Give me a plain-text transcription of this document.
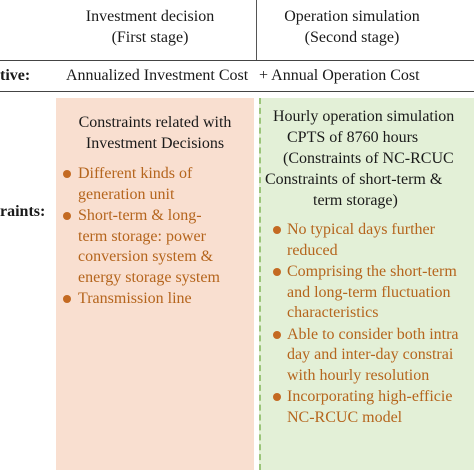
Investment decision
(First stage)
Operation simulation
(Second stage)
tive: Annualized Investment Cost + Annual Operation Cost
raints:
Constraints related with
Investment Decisions
Different kinds of
generation unit
Short-term & long-
term storage: power
conversion system &
energy storage system
Transmission line
Hourly operation simulation
CPTS of 8760 hours
(Constraints of NC-RCUC
Constraints of short-term &
term storage)
No typical days further
reduced
Comprising the short-term
and long-term fluctuation
characteristics
Able to consider both intra
day and inter-day constrai
with hourly resolution
Incorporating high-efficie
NC-RCUC model
